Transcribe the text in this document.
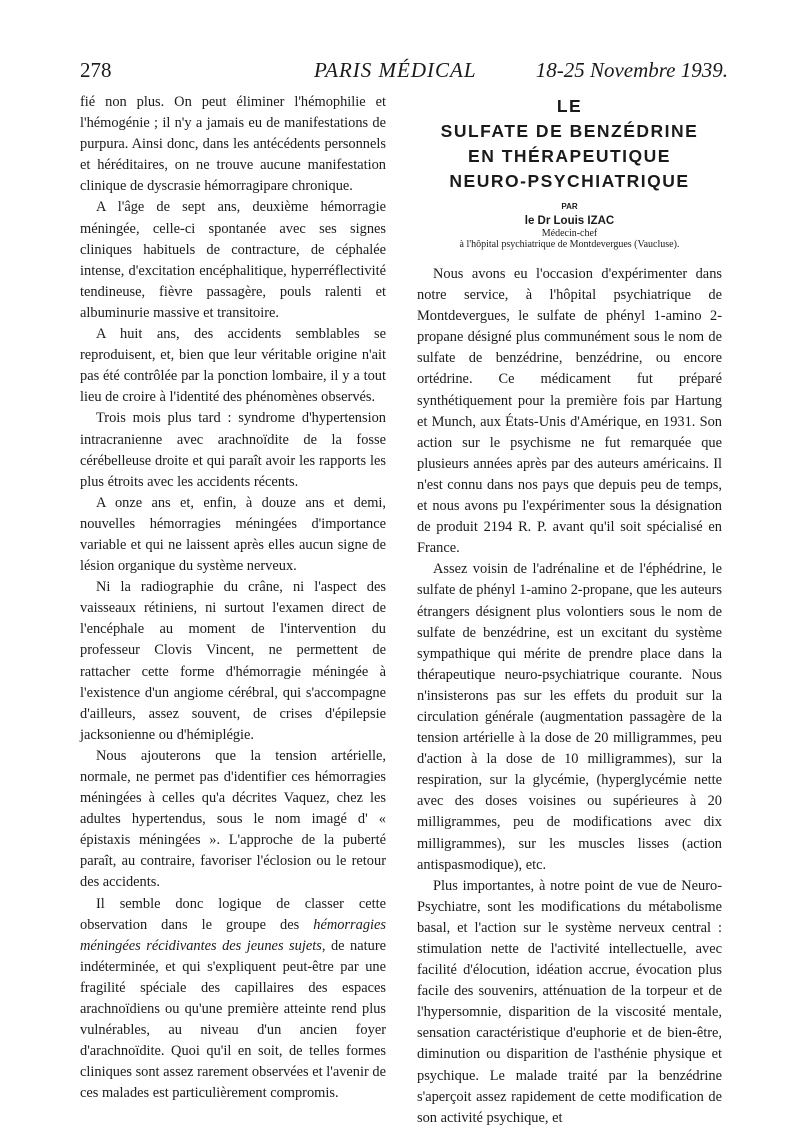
278	PARIS MÉDICAL	18-25 Novembre 1939.

fié non plus. On peut éliminer l'hémophilie et l'hémogénie ; il n'y a jamais eu de manifestations de purpura. Ainsi donc, dans les antécédents personnels et héréditaires, on ne trouve aucune manifestation clinique de dyscrasie hémorragipare chronique.

A l'âge de sept ans, deuxième hémorragie méningée, celle-ci spontanée avec ses signes cliniques habituels de contracture, de céphalée intense, d'excitation encéphalitique, hyperréflectivité tendineuse, fièvre passagère, pouls ralenti et albuminurie massive et transitoire.

A huit ans, des accidents semblables se reproduisent, et, bien que leur véritable origine n'ait pas été contrôlée par la ponction lombaire, il y a tout lieu de croire à l'identité des phénomènes observés.

Trois mois plus tard : syndrome d'hypertension intracranienne avec arachnoïdite de la fosse cérébelleuse droite et qui paraît avoir les rapports les plus étroits avec les accidents récents.

A onze ans et, enfin, à douze ans et demi, nouvelles hémorragies méningées d'importance variable et qui ne laissent après elles aucun signe de lésion organique du système nerveux.

Ni la radiographie du crâne, ni l'aspect des vaisseaux rétiniens, ni surtout l'examen direct de l'encéphale au moment de l'intervention du professeur Clovis Vincent, ne permettent de rattacher cette forme d'hémorragie méningée à l'existence d'un angiome cérébral, qui s'accompagne d'ailleurs, assez souvent, de crises d'épilepsie jacksonienne ou d'hémiplégie.

Nous ajouterons que la tension artérielle, normale, ne permet pas d'identifier ces hémorragies méningées à celles qu'a décrites Vaquez, chez les adultes hypertendus, sous le nom imagé d' « épistaxis méningées ». L'approche de la puberté paraît, au contraire, favoriser l'éclosion ou le retour des accidents.

Il semble donc logique de classer cette observation dans le groupe des hémorragies méningées récidivantes des jeunes sujets, de nature indéterminée, et qui s'expliquent peut-être par une fragilité spéciale des capillaires des espaces arachnoïdiens ou qu'une première atteinte rend plus vulnérables, au niveau d'un ancien foyer d'arachnoïdite. Quoi qu'il en soit, de telles formes cliniques sont assez rarement observées et l'avenir de ces malades est particulièrement compromis.

LE
SULFATE DE BENZÉDRINE
EN THÉRAPEUTIQUE
NEURO-PSYCHIATRIQUE
PAR
le Dr Louis IZAC
Médecin-chef
à l'hôpital psychiatrique de Montdevergues (Vaucluse).

Nous avons eu l'occasion d'expérimenter dans notre service, à l'hôpital psychiatrique de Montdevergues, le sulfate de phényl 1-amino 2-propane désigné plus communément sous le nom de sulfate de benzédrine, benzédrine, ou encore ortédrine. Ce médicament fut préparé synthétiquement pour la première fois par Hartung et Munch, aux États-Unis d'Amérique, en 1931. Son action sur le psychisme ne fut remarquée que plusieurs années après par des auteurs américains. Il n'est connu dans nos pays que depuis peu de temps, et nous avons pu l'expérimenter sous la désignation de produit 2194 R. P. avant qu'il soit spécialisé en France.

Assez voisin de l'adrénaline et de l'éphédrine, le sulfate de phényl 1-amino 2-propane, que les auteurs étrangers désignent plus volontiers sous le nom de sulfate de benzédrine, est un excitant du système sympathique qui mérite de prendre place dans la thérapeutique neuro-psychiatrique courante. Nous n'insisterons pas sur les effets du produit sur la circulation générale (augmentation passagère de la tension artérielle à la dose de 20 milligrammes, peu d'action à la dose de 10 milligrammes), sur la respiration, sur la glycémie, (hyperglycémie nette avec des doses voisines ou supérieures à 20 milligrammes, peu de modifications avec dix milligrammes), sur les muscles lisses (action antispasmodique), etc.

Plus importantes, à notre point de vue de Neuro-Psychiatre, sont les modifications du métabolisme basal, et l'action sur le système nerveux central : stimulation nette de l'activité intellectuelle, avec facilité d'élocution, idéation accrue, évocation plus facile des souvenirs, atténuation de la torpeur et de l'hypersomnie, disparition de la viscosité mentale, sensation caractéristique d'euphorie et de bien-être, diminution ou disparition de l'asthénie physique et psychique. Le malade traité par la benzédrine s'aperçoit assez rapidement de cette modification de son activité psychique, et
